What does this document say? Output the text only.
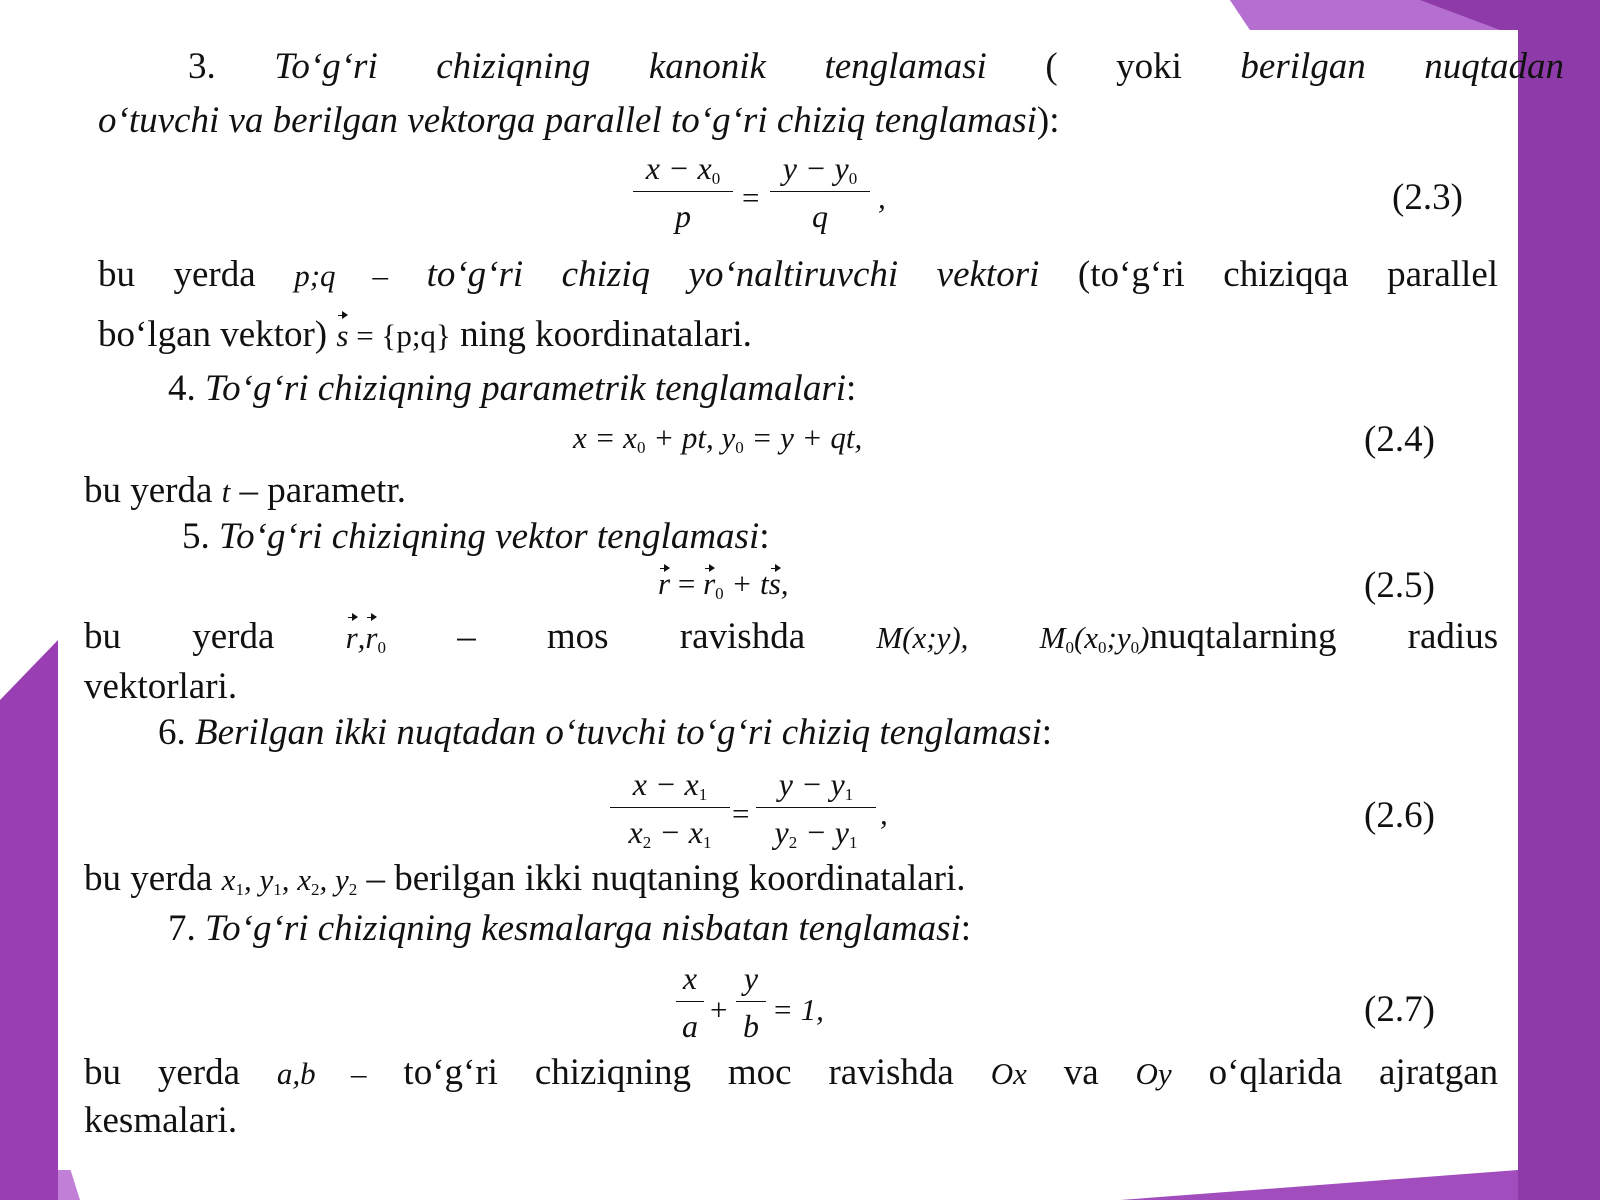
3. To‘g‘ri chiziqning kanonik tenglamasi ( yoki berilgan nuqtadan
o‘tuvchi va berilgan vektorga parallel to‘g‘ri chiziq tenglamasi):
$x - x_0$
p
=
$y - y_0$
q
,	(2.3)
bu yerda p;q – to‘g‘ri chiziq yo‘naltiruvchi vektori (to‘g‘ri chiziqqa parallel
bo‘lgan vektor) s = {p;q} ning koordinatalari.
4. To‘g‘ri chiziqning parametrik tenglamalari:
$x = x_0$ + pt, $y_0 = y$ + qt,	(2.4)
bu yerda t – parametr.
5. To‘g‘ri chiziqning vektor tenglamasi:
$r = r_0$ + ts,	(2.5)
bu yerda $r,r_0$ – mos ravishda M(x;y), $M_0(x_0;y_0)nuqtalarning$ radius
vektorlari.
6. Berilgan ikki nuqtadan o‘tuvchi to‘g‘ri chiziq tenglamasi:
$x - x_1$
$x_2 - x_1$
=
$y - y_1$
$y_2 - y_1$
,	(2.6)
bu yerda $x_1$, $y_1$, $x_2$, $y_2$ – berilgan ikki nuqtaning koordinatalari.
7. To‘g‘ri chiziqning kesmalarga nisbatan tenglamasi:
x
a +
y
b = 1,	(2.7)
bu yerda a,b – to‘g‘ri chiziqning moc ravishda Ox va Oy o‘qlarida ajratgan
kesmalari.
